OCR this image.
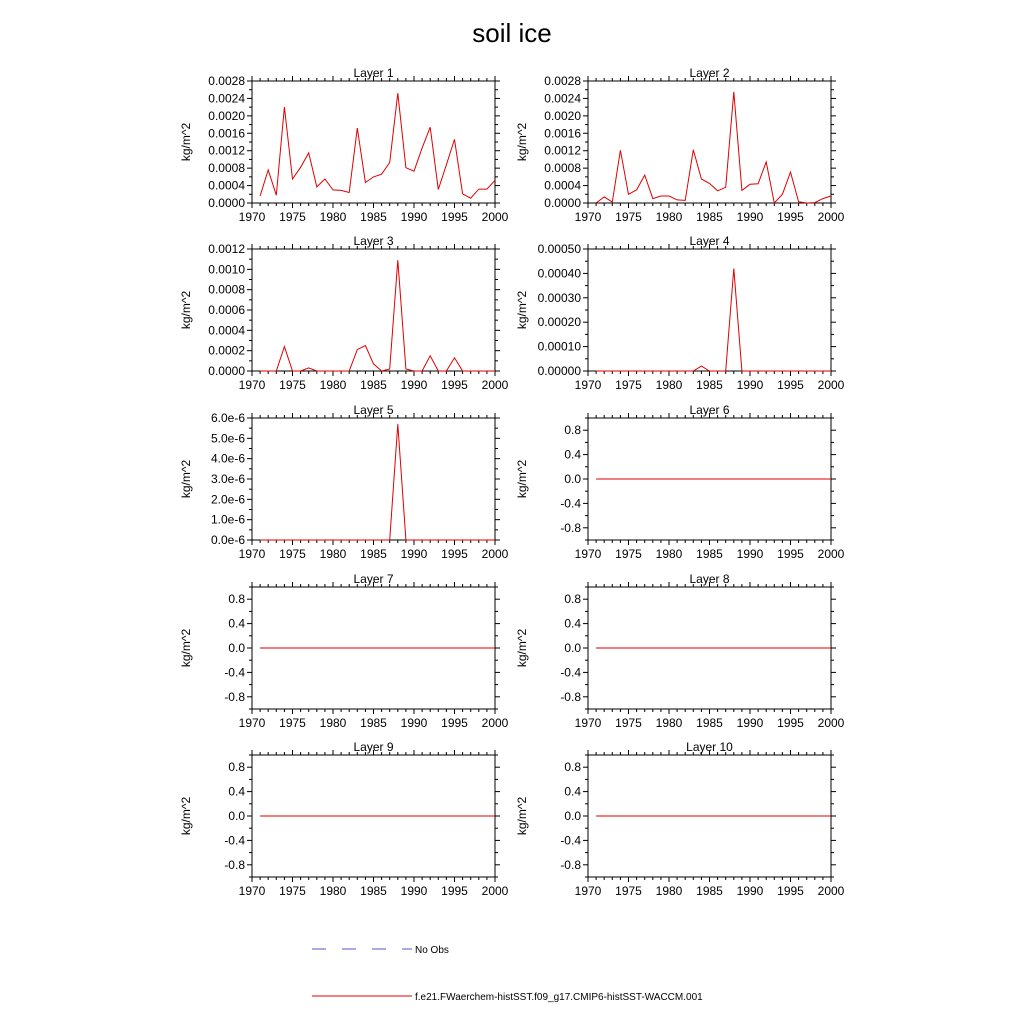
soil ice
Layer 1
kg/m^2
1970 1975 1980 1985 1990 1995 2000
0.0000
0.0004
0.0008
0.0012
0.0016
0.0020
0.0024
0.0028
Layer 2
kg/m^2
1970 1975 1980 1985 1990 1995 2000
0.0000
0.0004
0.0008
0.0012
0.0016
0.0020
0.0024
0.0028
Layer 3
kg/m^2
1970 1975 1980 1985 1990 1995 2000
0.0000
0.0002
0.0004
0.0006
0.0008
0.0010
0.0012
Layer 4
kg/m^2
1970 1975 1980 1985 1990 1995 2000
0.00000
0.00010
0.00020
0.00030
0.00040
0.00050
Layer 5
kg/m^2
1970 1975 1980 1985 1990 1995 2000
0.0e-6
1.0e-6
2.0e-6
3.0e-6
4.0e-6
5.0e-6
6.0e-6
Layer 6
kg/m^2
1970 1975 1980 1985 1990 1995 2000
-0.8
-0.4
0.0
0.4
0.8
Layer 7
kg/m^2
1970 1975 1980 1985 1990 1995 2000
-0.8
-0.4
0.0
0.4
0.8
Layer 8
kg/m^2
1970 1975 1980 1985 1990 1995 2000
-0.8
-0.4
0.0
0.4
0.8
Layer 9
kg/m^2
1970 1975 1980 1985 1990 1995 2000
-0.8
-0.4
0.0
0.4
0.8
Layer 10
kg/m^2
1970 1975 1980 1985 1990 1995 2000
-0.8
-0.4
0.0
0.4
0.8
No Obs
f.e21.FWaerchem-histSST.f09_g17.CMIP6-histSST-WACCM.001
